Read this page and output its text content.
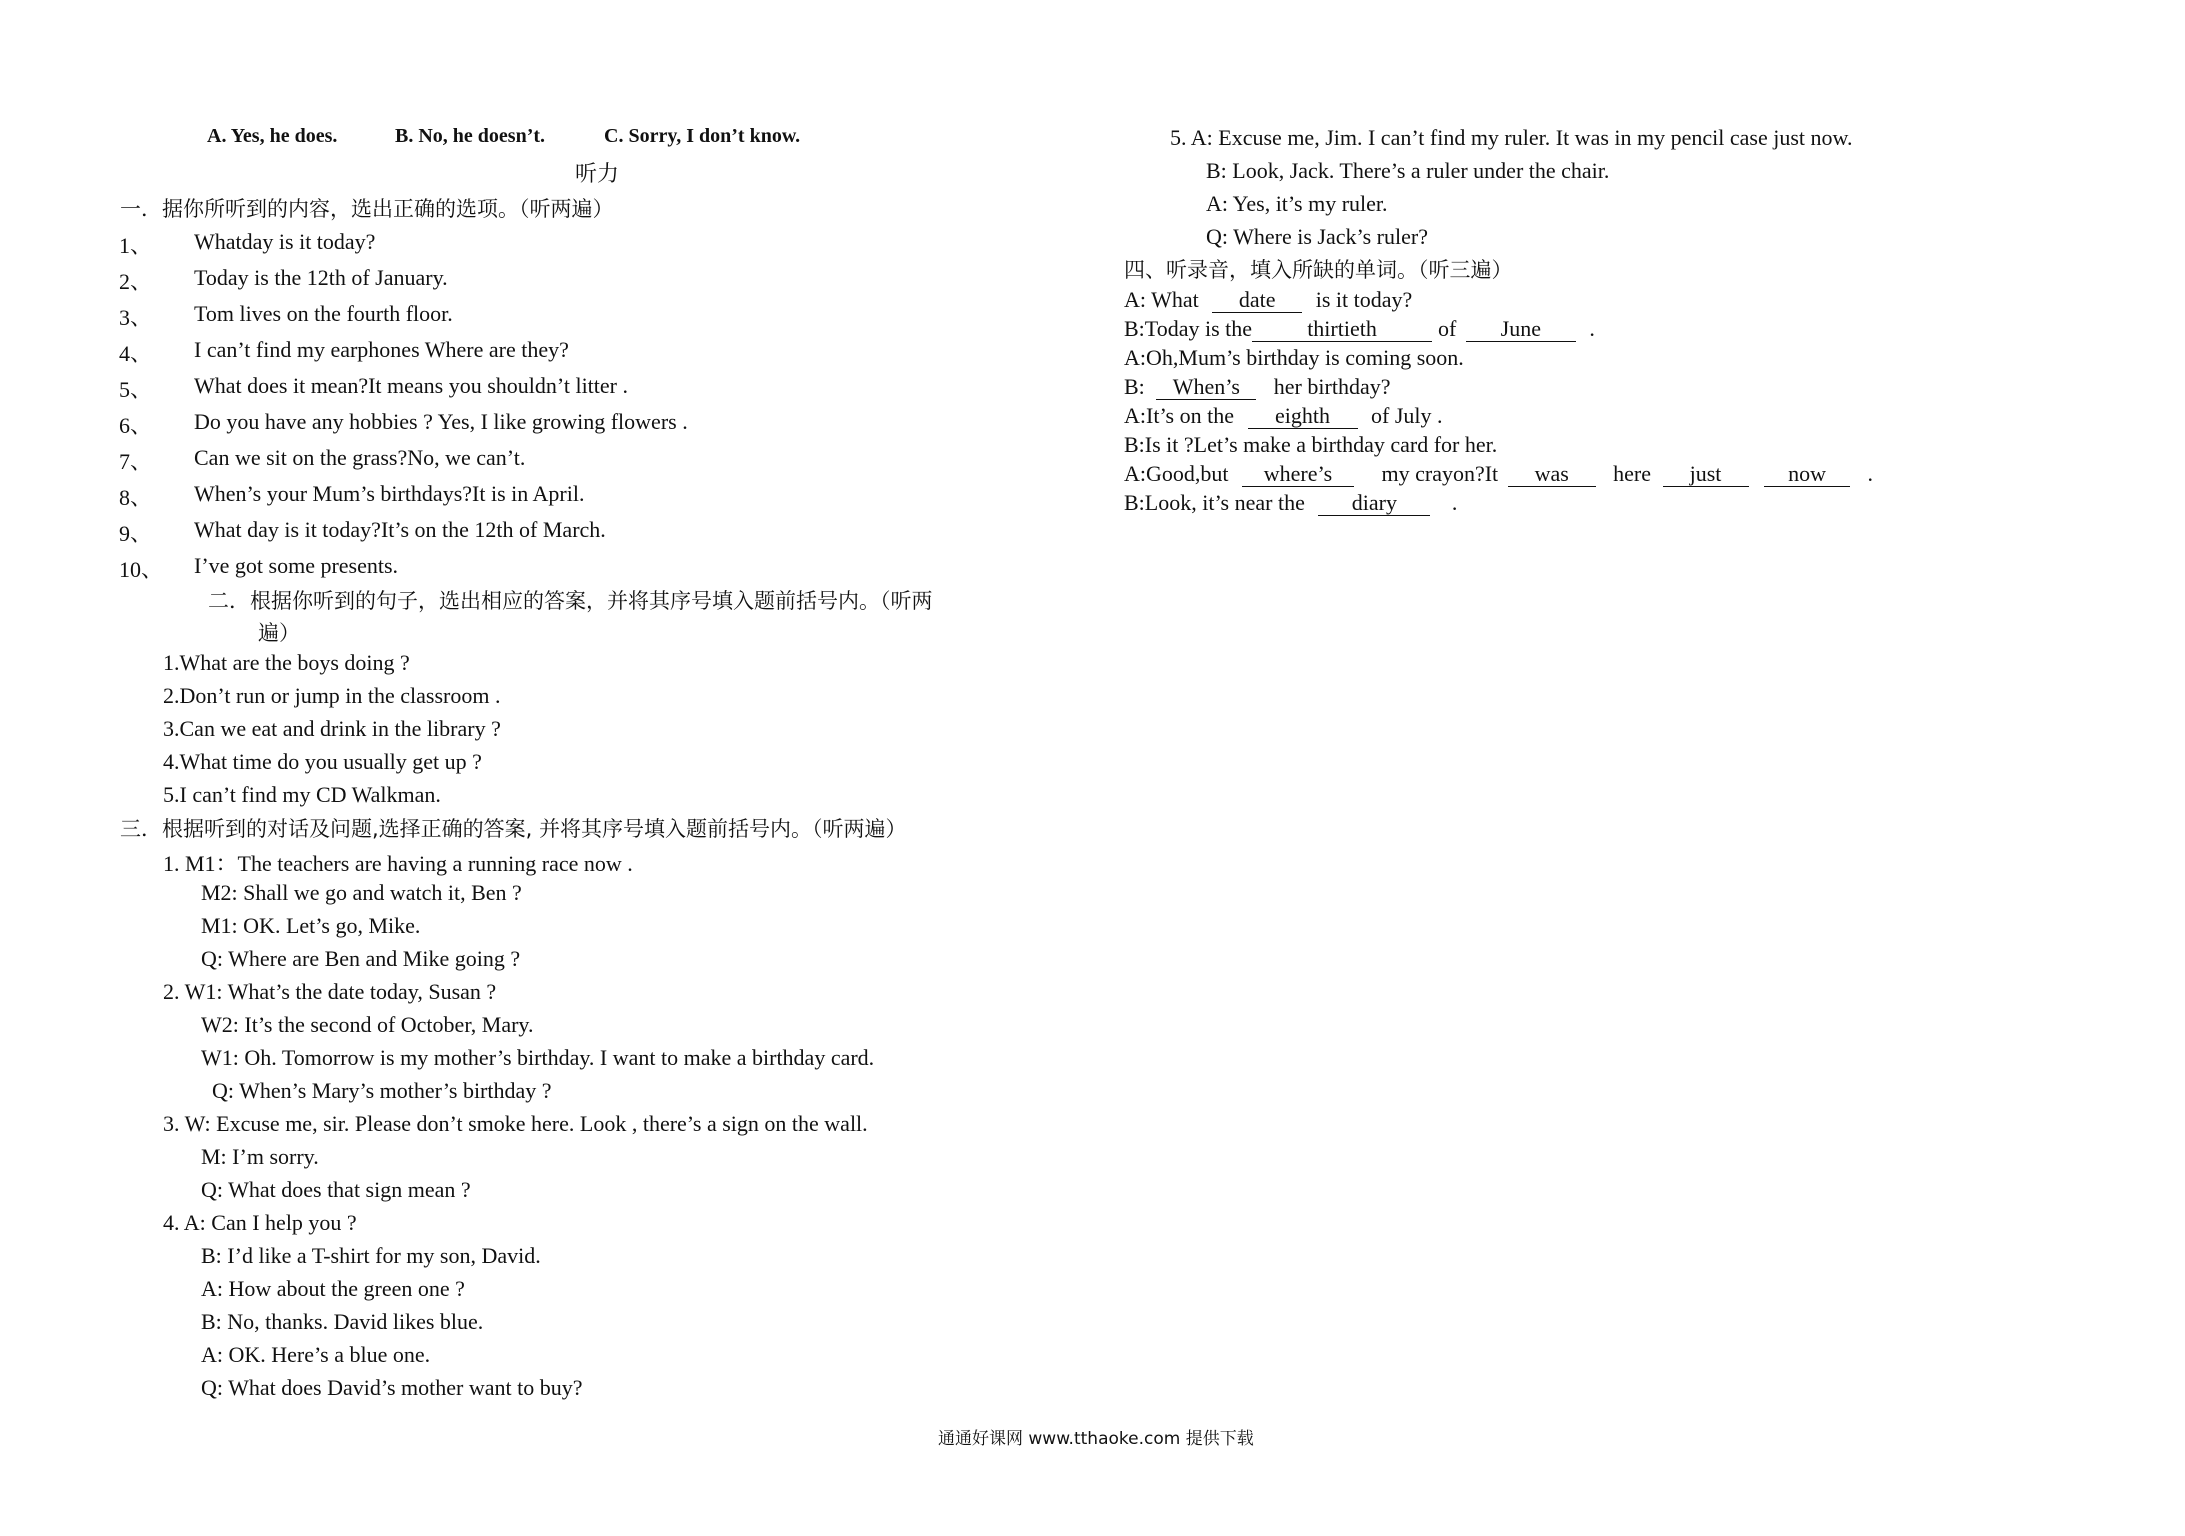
A. Yes, he does.	B. No, he doesn’t.	C. Sorry, I don’t know.
听力
一．据你所听到的内容，选出正确的选项。（听两遍）
1、 Whatday is it today?
2、 Today is the 12th of January.
3、 Tom lives on the fourth floor.
4、 I can’t find my earphones Where are they?
5、 What does it mean?It means you shouldn’t litter .
6、 Do you have any hobbies ? Yes, I like growing flowers .
7、 Can we sit on the grass?No, we can’t.
8、 When’s your Mum’s birthdays?It is in April.
9、 What day is it today?It’s on the 12th of March.
10、 I’ve got some presents.
二．根据你听到的句子，选出相应的答案，并将其序号填入题前括号内。（听两
遍）
1.What are the boys doing ?
2.Don’t run or jump in the classroom .
3.Can we eat and drink in the library ?
4.What time do you usually get up ?
5.I can’t find my CD Walkman.
三．根据听到的对话及问题,选择正确的答案, 并将其序号填入题前括号内。（听两遍）
1. M1：The teachers are having a running race now .
M2: Shall we go and watch it, Ben ?
M1: OK. Let’s go, Mike.
Q: Where are Ben and Mike going ?
2. W1: What’s the date today, Susan ?
W2: It’s the second of October, Mary.
W1: Oh. Tomorrow is my mother’s birthday. I want to make a birthday card.
Q: When’s Mary’s mother’s birthday ?
3. W: Excuse me, sir. Please don’t smoke here. Look , there’s a sign on the wall.
M: I’m sorry.
Q: What does that sign mean ?
4. A: Can I help you ?
B: I’d like a T-shirt for my son, David.
A: How about the green one ?
B: No, thanks. David likes blue.
A: OK. Here’s a blue one.
Q: What does David’s mother want to buy?
5. A: Excuse me, Jim. I can’t find my ruler. It was in my pencil case just now.
B: Look, Jack. There’s a ruler under the chair.
A: Yes, it’s my ruler.
Q: Where is Jack’s ruler?
四、听录音，填入所缺的单词。（听三遍）
A: What date is it today?
B:Today is the	thirtieth	of June .
A:Oh,Mum’s birthday is coming soon.
B: When’s her birthday?
A:It’s on the eighth of July .
B:Is it ?Let’s make a birthday card for her.
A:Good,but where’s my crayon?It was here just	now .
B:Look, it’s near the diary .
通通好课网 www.tthaoke.com 提供下载
